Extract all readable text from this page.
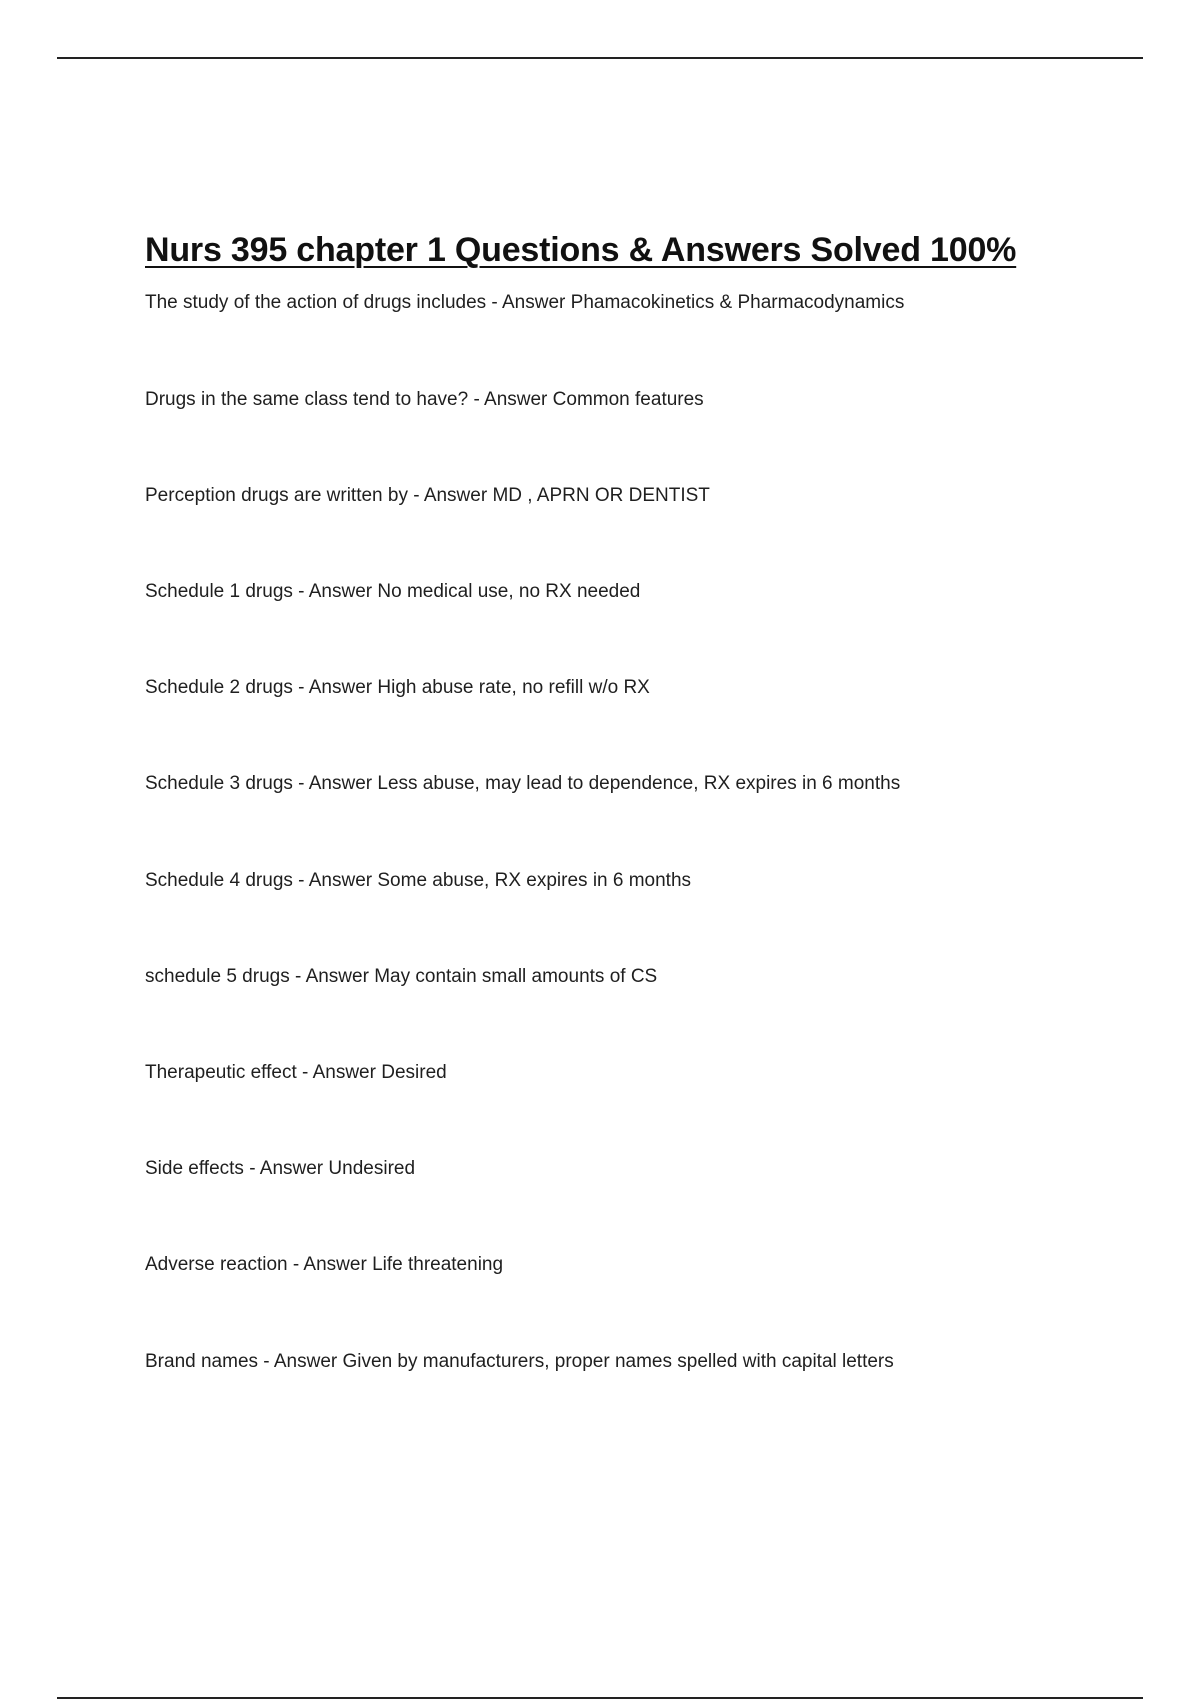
Nurs 395 chapter 1 Questions & Answers Solved 100%

The study of the action of drugs includes - Answer Phamacokinetics & Pharmacodynamics

Drugs in the same class tend to have? - Answer Common features

Perception drugs are written by - Answer MD , APRN OR DENTIST

Schedule 1 drugs - Answer No medical use, no RX needed

Schedule 2 drugs - Answer High abuse rate, no refill w/o RX

Schedule 3 drugs - Answer Less abuse, may lead to dependence, RX expires in 6 months

Schedule 4 drugs - Answer Some abuse, RX expires in 6 months

schedule 5 drugs - Answer May contain small amounts of CS

Therapeutic effect - Answer Desired

Side effects - Answer Undesired

Adverse reaction - Answer Life threatening

Brand names - Answer Given by manufacturers, proper names spelled with capital letters
